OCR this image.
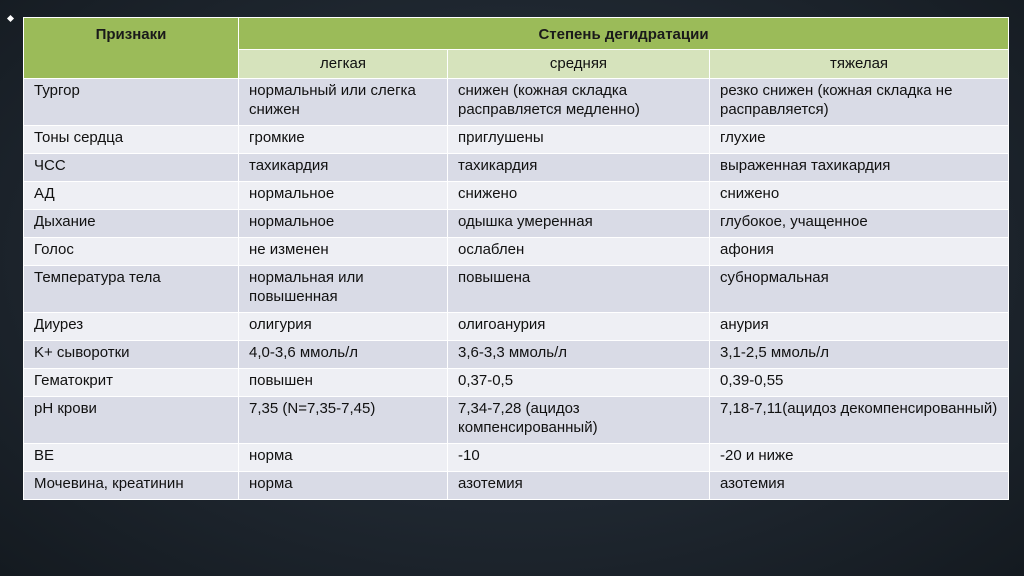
Признаки	Степень дегидратации		
	легкая	средняя	тяжелая
Тургор	нормальный или слегка снижен	снижен (кожная складка расправляется медленно)	резко снижен (кожная складка не расправляется)
Тоны сердца	громкие	приглушены	глухие
ЧСС	тахикардия	тахикардия	выраженная тахикардия
АД	нормальное	снижено	снижено
Дыхание	нормальное	одышка умеренная	глубокое, учащенное
Голос	не изменен	ослаблен	афония
Температура тела	нормальная или повышенная	повышена	субнормальная
Диурез	олигурия	олигоанурия	анурия
K+ сыворотки	4,0-3,6 ммоль/л	3,6-3,3 ммоль/л	3,1-2,5 ммоль/л
Гематокрит	повышен	0,37-0,5	0,39-0,55
pH крови	7,35 (N=7,35-7,45)	7,34-7,28 (ацидоз компенсированный)	7,18-7,11(ацидоз декомпенсированный)
BE	норма	-10	-20 и ниже
Мочевина, креатинин	норма	азотемия	азотемия
